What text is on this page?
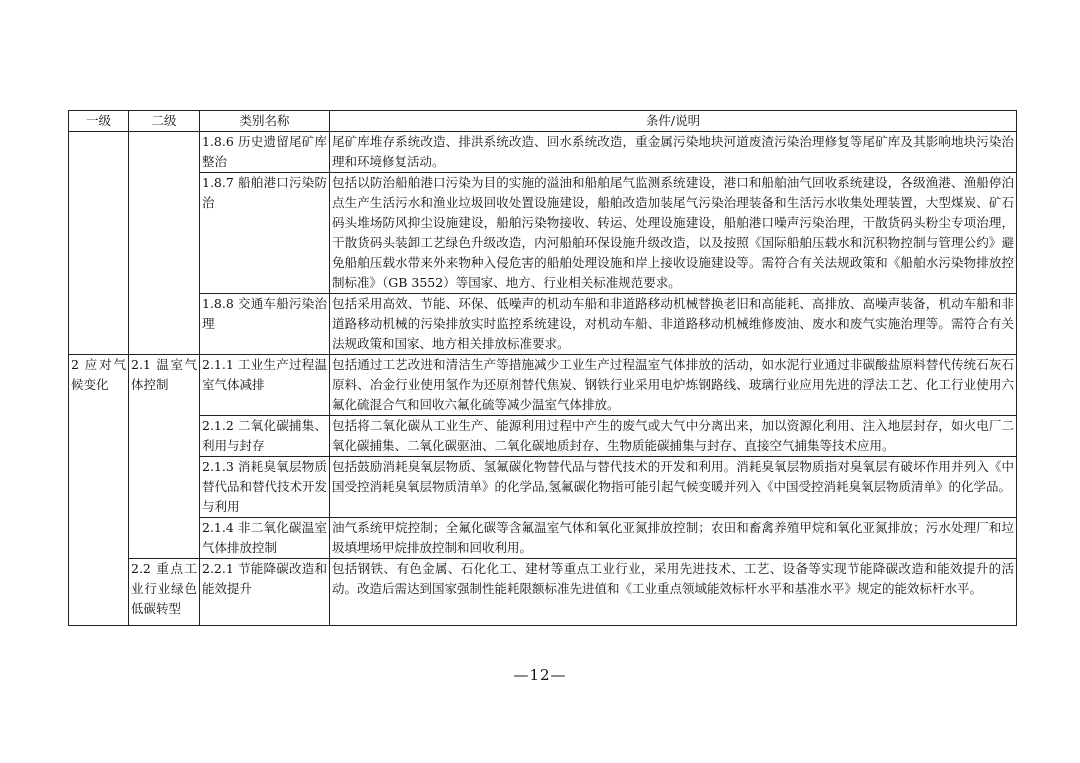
一级	二级	类别名称	条件/说明
		1.8.6 历史遗留尾矿库整治	尾矿库堆存系统改造、排洪系统改造、回水系统改造，重金属污染地块河道废渣污染治理修复等尾矿库及其影响地块污染治理和环境修复活动。
		1.8.7 船舶港口污染防治	包括以防治船舶港口污染为目的实施的溢油和船舶尾气监测系统建设，港口和船舶油气回收系统建设，各级渔港、渔船停泊点生产生活污水和渔业垃圾回收处置设施建设，船舶改造加装尾气污染治理装备和生活污水收集处理装置，大型煤炭、矿石码头堆场防风抑尘设施建设，船舶污染物接收、转运、处理设施建设，船舶港口噪声污染治理，干散货码头粉尘专项治理，干散货码头装卸工艺绿色升级改造，内河船舶环保设施升级改造，以及按照《国际船舶压载水和沉积物控制与管理公约》避免船舶压载水带来外来物种入侵危害的船舶处理设施和岸上接收设施建设等。需符合有关法规政策和《船舶水污染物排放控制标准》（GB 3552）等国家、地方、行业相关标准规范要求。
		1.8.8 交通车船污染治理	包括采用高效、节能、环保、低噪声的机动车船和非道路移动机械替换老旧和高能耗、高排放、高噪声装备，机动车船和非道路移动机械的污染排放实时监控系统建设，对机动车船、非道路移动机械维修废油、废水和废气实施治理等。需符合有关法规政策和国家、地方相关排放标准要求。
2 应对气候变化	2.1 温室气体控制	2.1.1 工业生产过程温室气体减排	包括通过工艺改进和清洁生产等措施减少工业生产过程温室气体排放的活动，如水泥行业通过非碳酸盐原料替代传统石灰石原料、冶金行业使用氢作为还原剂替代焦炭、钢铁行业采用电炉炼钢路线、玻璃行业应用先进的浮法工艺、化工行业使用六氟化硫混合气和回收六氟化硫等减少温室气体排放。
		2.1.2 二氧化碳捕集、利用与封存	包括将二氧化碳从工业生产、能源利用过程中产生的废气或大气中分离出来，加以资源化利用、注入地层封存，如火电厂二氧化碳捕集、二氧化碳驱油、二氧化碳地质封存、生物质能碳捕集与封存、直接空气捕集等技术应用。
		2.1.3 消耗臭氧层物质替代品和替代技术开发与利用	包括鼓励消耗臭氧层物质、氢氟碳化物替代品与替代技术的开发和利用。消耗臭氧层物质指对臭氧层有破坏作用并列入《中国受控消耗臭氧层物质清单》的化学品,氢氟碳化物指可能引起气候变暖并列入《中国受控消耗臭氧层物质清单》的化学品。
		2.1.4 非二氧化碳温室气体排放控制	油气系统甲烷控制；全氟化碳等含氟温室气体和氧化亚氮排放控制；农田和畜禽养殖甲烷和氧化亚氮排放；污水处理厂和垃圾填埋场甲烷排放控制和回收利用。
	2.2 重点工业行业绿色低碳转型	2.2.1 节能降碳改造和能效提升	包括钢铁、有色金属、石化化工、建材等重点工业行业，采用先进技术、工艺、设备等实现节能降碳改造和能效提升的活动。改造后需达到国家强制性能耗限额标准先进值和《工业重点领域能效标杆水平和基准水平》规定的能效标杆水平。
—12—
